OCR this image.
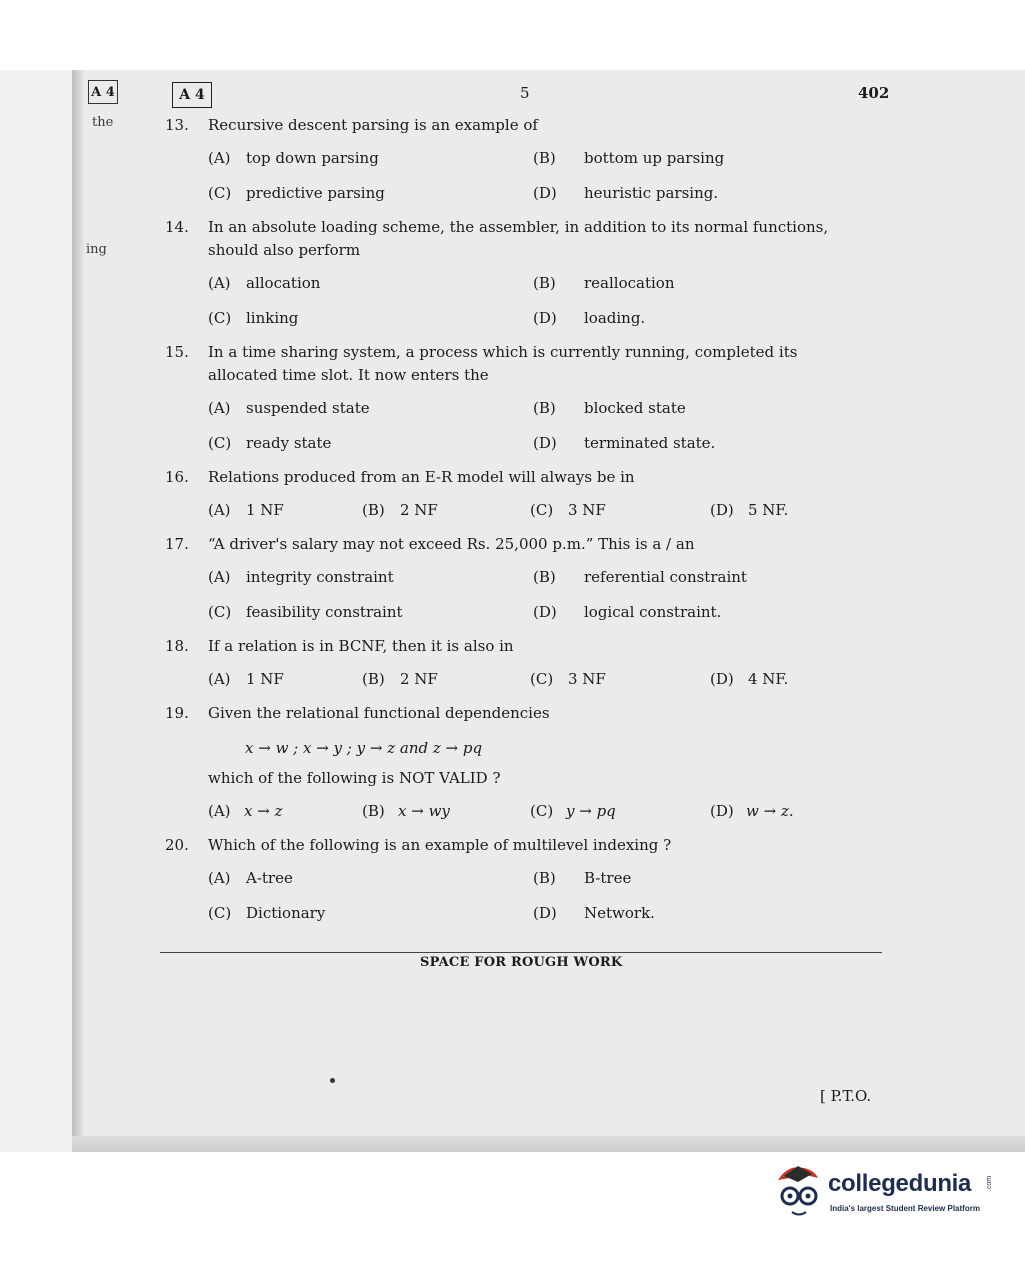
A 4
the
ing
A 4	5	402
13. Recursive descent parsing is an example of
(A) top down parsing	(B) bottom up parsing
(C) predictive parsing	(D) heuristic parsing.
14. In an absolute loading scheme, the assembler, in addition to its normal functions,
should also perform
(A) allocation	(B) reallocation
(C) linking	(D) loading.
15. In a time sharing system, a process which is currently running, completed its
allocated time slot. It now enters the
(A) suspended state	(B) blocked state
(C) ready state	(D) terminated state.
16. Relations produced from an E-R model will always be in
(A) 1 NF	(B) 2 NF	(C) 3 NF	(D) 5 NF.
17. “A driver's salary may not exceed Rs. 25,000 p.m.” This is a / an
(A) integrity constraint	(B) referential constraint
(C) feasibility constraint	(D) logical constraint.
18. If a relation is in BCNF, then it is also in
(A) 1 NF	(B) 2 NF	(C) 3 NF	(D) 4 NF.
19. Given the relational functional dependencies
x → w ; x → y ; y → z and z → pq
which of the following is NOT VALID ?
(A) x → z	(B) x → wy	(C) y → pq	(D) w → z.
20. Which of the following is an example of multilevel indexing ?
(A) A-tree	(B) B-tree
(C) Dictionary	(D) Network.
SPACE FOR ROUGH WORK
[ P.T.O.
collegedunia .com
India's largest Student Review Platform
